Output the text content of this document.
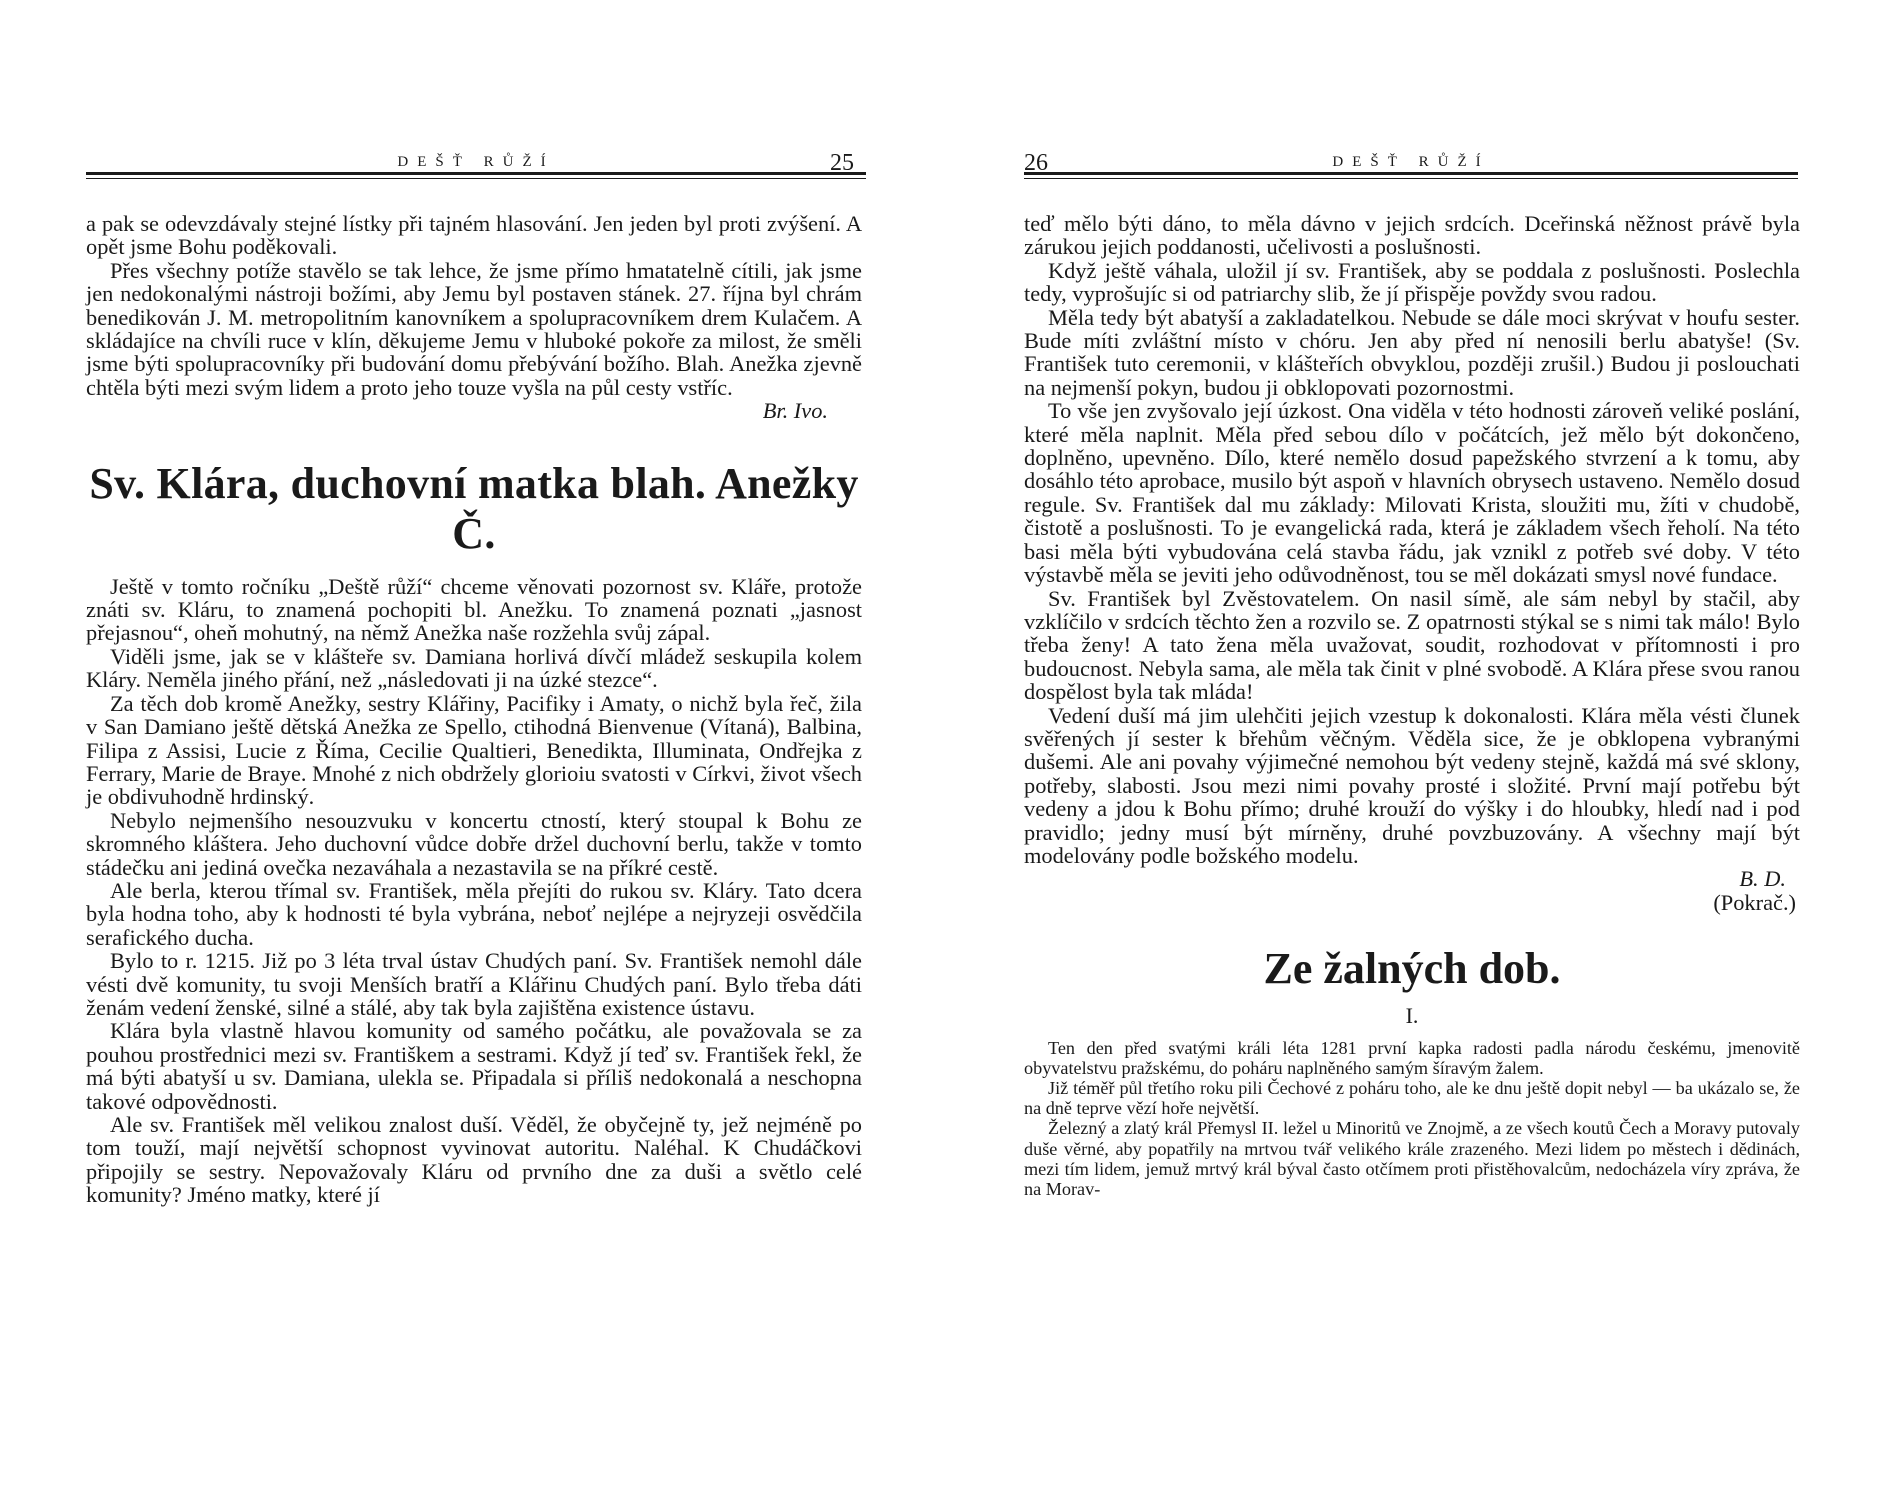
DEŠŤ RŮŽÍ	25

a pak se odevzdávaly stejné lístky při tajném hlasování. Jen jeden byl proti zvýšení. A opět jsme Bohu poděkovali.

Přes všechny potíže stavělo se tak lehce, že jsme přímo hmatatelně cítili, jak jsme jen nedokonalými nástroji božími, aby Jemu byl postaven stánek. 27. října byl chrám benedikován J. M. metropolitním kanovníkem a spolupracovníkem drem Kulačem. A skládajíce na chvíli ruce v klín, děkujeme Jemu v hluboké pokoře za milost, že směli jsme býti spolupracovníky při budování domu přebývání božího. Blah. Anežka zjevně chtěla býti mezi svým lidem a proto jeho touze vyšla na půl cesty vstříc.

Br. Ivo.

Sv. Klára, duchovní matka blah. Anežky Č.

Ještě v tomto ročníku „Deště růží“ chceme věnovati pozornost sv. Kláře, protože znáti sv. Kláru, to znamená pochopiti bl. Anežku. To znamená poznati „jasnost přejasnou“, oheň mohutný, na němž Anežka naše rozžehla svůj zápal.

Viděli jsme, jak se v klášteře sv. Damiana horlivá dívčí mládež seskupila kolem Kláry. Neměla jiného přání, než „následovati ji na úzké stezce“.

Za těch dob kromě Anežky, sestry Klářiny, Pacifiky i Amaty, o nichž byla řeč, žila v San Damiano ještě dětská Anežka ze Spello, ctihodná Bienvenue (Vítaná), Balbina, Filipa z Assisi, Lucie z Říma, Cecilie Qualtieri, Benedikta, Illuminata, Ondřejka z Ferrary, Marie de Braye. Mnohé z nich obdržely glorioiu svatosti v Církvi, život všech je obdivuhodně hrdinský.

Nebylo nejmenšího nesouzvuku v koncertu ctností, který stoupal k Bohu ze skromného kláštera. Jeho duchovní vůdce dobře držel duchovní berlu, takže v tomto stádečku ani jediná ovečka nezaváhala a nezastavila se na příkré cestě.

Ale berla, kterou třímal sv. František, měla přejíti do rukou sv. Kláry. Tato dcera byla hodna toho, aby k hodnosti té byla vybrána, neboť nejlépe a nejryzeji osvědčila serafického ducha.

Bylo to r. 1215. Již po 3 léta trval ústav Chudých paní. Sv. František nemohl dále vésti dvě komunity, tu svoji Menších bratří a Klářinu Chudých paní. Bylo třeba dáti ženám vedení ženské, silné a stálé, aby tak byla zajištěna existence ústavu.

Klára byla vlastně hlavou komunity od samého počátku, ale považovala se za pouhou prostřednici mezi sv. Františkem a sestrami. Když jí teď sv. František řekl, že má býti abatyší u sv. Damiana, ulekla se. Připadala si příliš nedokonalá a neschopna takové odpovědnosti.

Ale sv. František měl velikou znalost duší. Věděl, že obyčejně ty, jež nejméně po tom touží, mají největší schopnost vyvinovat autoritu. Naléhal. K Chudáčkovi připojily se sestry. Nepovažovaly Kláru od prvního dne za duši a světlo celé komunity? Jméno matky, které jí

26	DEŠŤ RŮŽÍ

teď mělo býti dáno, to měla dávno v jejich srdcích. Dceřinská něžnost právě byla zárukou jejich poddanosti, učelivosti a poslušnosti.

Když ještě váhala, uložil jí sv. František, aby se poddala z poslušnosti. Poslechla tedy, vyprošujíc si od patriarchy slib, že jí přispěje povždy svou radou.

Měla tedy být abatyší a zakladatelkou. Nebude se dále moci skrývat v houfu sester. Bude míti zvláštní místo v chóru. Jen aby před ní nenosili berlu abatyše! (Sv. František tuto ceremonii, v klášteřích obvyklou, později zrušil.) Budou ji poslouchati na nejmenší pokyn, budou ji obklopovati pozornostmi.

To vše jen zvyšovalo její úzkost. Ona viděla v této hodnosti zároveň veliké poslání, které měla naplnit. Měla před sebou dílo v počátcích, jež mělo být dokončeno, doplněno, upevněno. Dílo, které nemělo dosud papežského stvrzení a k tomu, aby dosáhlo této aprobace, musilo být aspoň v hlavních obrysech ustaveno. Nemělo dosud regule. Sv. František dal mu základy: Milovati Krista, sloužiti mu, žíti v chudobě, čistotě a poslušnosti. To je evangelická rada, která je základem všech řeholí. Na této basi měla býti vybudována celá stavba řádu, jak vznikl z potřeb své doby. V této výstavbě měla se jeviti jeho odůvodněnost, tou se měl dokázati smysl nové fundace.

Sv. František byl Zvěstovatelem. On nasil símě, ale sám nebyl by stačil, aby vzklíčilo v srdcích těchto žen a rozvilo se. Z opatrnosti stýkal se s nimi tak málo! Bylo třeba ženy! A tato žena měla uvažovat, soudit, rozhodovat v přítomnosti i pro budoucnost. Nebyla sama, ale měla tak činit v plné svobodě. A Klára přese svou ranou dospělost byla tak mláda!

Vedení duší má jim ulehčiti jejich vzestup k dokonalosti. Klára měla vésti člunek svěřených jí sester k břehům věčným. Věděla sice, že je obklopena vybranými dušemi. Ale ani povahy výjimečné nemohou být vedeny stejně, každá má své sklony, potřeby, slabosti. Jsou mezi nimi povahy prosté i složité. První mají potřebu být vedeny a jdou k Bohu přímo; druhé krouží do výšky i do hloubky, hledí nad i pod pravidlo; jedny musí být mírněny, druhé povzbuzovány. A všechny mají být modelovány podle božského modelu.

B. D.

(Pokrač.)

Ze žalných dob.
I.

Ten den před svatými králi léta 1281 první kapka radosti padla národu českému, jmenovitě obyvatelstvu pražskému, do poháru naplněného samým šíravým žalem.

Již téměř půl třetího roku pili Čechové z poháru toho, ale ke dnu ještě dopit nebyl — ba ukázalo se, že na dně teprve vězí hoře největší.

Železný a zlatý král Přemysl II. ležel u Minoritů ve Znojmě, a ze všech koutů Čech a Moravy putovaly duše věrné, aby popatřily na mrtvou tvář velikého krále zrazeného. Mezi lidem po městech i dědinách, mezi tím lidem, jemuž mrtvý král býval často otčímem proti přistěhovalcům, nedocházela víry zpráva, že na Morav-
